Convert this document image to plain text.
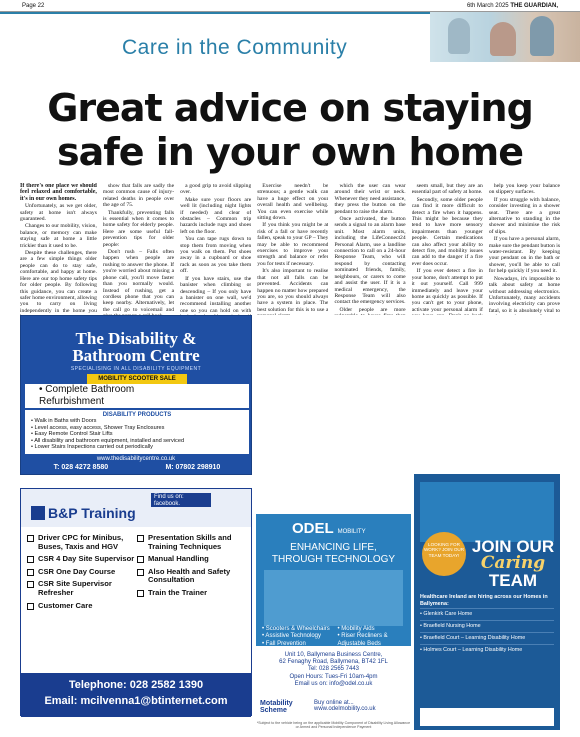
Page 22	6th March 2025 THE GUARDIAN,
Care in the Community
Great advice on staying
safe in your own home

If there's one place we should feel relaxed and comfortable, it's in our own homes.

Unfortunately, as we get older, safety at home isn't always guaranteed.

Changes to our mobility, vision, balance, or memory can make staying safe at home a little trickier than it used to be.

Despite these challenges, there are a few simple things older people can do to stay safe, comfortable, and happy at home. Here are our top home safety tips for older people. By following this guidance, you can create a safer home environment, allowing you to carry on living independently in the home you

show that falls are sadly the most common cause of injury-related deaths in people over the age of 75.

Thankfully, preventing falls is essential when it comes to home safety for elderly people. Here are some useful fall-prevention tips for older people:

Don't rush – Falls often happen when people are rushing to answer the phone. If you're worried about missing a phone call, you'll move faster than you normally would. Instead of rushing, get a cordless phone that you can keep nearby. Alternatively, let the call go to voicemail and

a good grip to avoid slipping over.

Make sure your floors are well lit (including night lights if needed) and clear of obstacles – Common trip hazards include rugs and shoes left on the floor.

You can tape rugs down to stop them from moving when you walk on them. Put shoes away in a cupboard or shoe rack as soon as you take them off.

If you have stairs, use the banister when climbing or descending – If you only have a banister on one wall, we'd recommend installing another one so you can hold on with

Exercise needn't be strenuous; a gentle walk can have a huge effect on your overall health and wellbeing. You can even exercise while sitting down.

If you think you might be at risk of a fall or have recently fallen, speak to your GP – They may be able to recommend exercises to improve your strength and balance or refer you for tests if necessary.

It's also important to realise that not all falls can be prevented. Accidents can happen no matter how prepared you are, so you should always have a system in place. The best solution for this is to use a

which the user can wear around their wrist or neck. Whenever they need assistance, they press the button on the pendant to raise the alarm.

Once activated, the button sends a signal to an alarm base unit. Most alarm units, including the LifeConnect24 Personal Alarm, use a landline connection to call on a 24-hour Response Team, who will respond by contacting nominated friends, family, neighbours, or carers to come and assist the user. If it is a medical emergency, the Response Team will also contact the emergency services.

Older people are more

seem small, but they are an essential part of safety at home.

Secondly, some older people can find it more difficult to detect a fire when it happens. This might be because they tend to have more sensory impairments than younger people. Certain medications can also affect your ability to detect fire, and mobility issues can add to the danger if a fire ever does occur.

If you ever detect a fire in your home, don't attempt to put it out yourself. Call 999 immediately and leave your home as quickly as possible. If you can't get to your phone, activate your personal alarm if

help you keep your balance on slippery surfaces.

If you struggle with balance, consider investing in a shower seat. There are a great alternative to standing in the shower and minimise the risk of slips.

If you have a personal alarm, make sure the pendant button is water-resistant. By keeping your pendant on in the bath or shower, you'll be able to call for help quickly if you need it.

Nowadays, it's impossible to talk about safety at home without addressing electronics. Unfortunately, many accidents involving electricity can prove fatal, so it is absolutely vital to

The Disability &
Bathroom Centre
SPECIALISING IN ALL DISABILITY EQUIPMENT
MOBILITY SCOOTER SALE
• Complete Bathroom
Refurbishment
DISABILITY PRODUCTS
• Walk in Baths with Doors
• Level access, easy access, Shower Tray Enclosures
• Easy Remote Control Stair Lifts
• All disability and bathroom equipment, installed and serviced
• Lower Stairs Inspections carried out periodically
www.thedisabilitycentre.co.uk
T: 028 4272 8580	M: 07802 298910
Find us on: facebook.
B&P Training
Driver CPC for Minibus, Buses, Taxis and HGV
CSR 4 Day Site Supervisor
CSR One Day Course
CSR Site Supervisor Refresher
Customer Care
Presentation Skills and Training Techniques
Manual Handling
Also Health and Safety Consultation
Train the Trainer
Telephone: 028 2582 1390
Email: mcilvenna1@btinternet.com
ODEL MOBILITY
ENHANCING LIFE,
THROUGH TECHNOLOGY
• Scooters & Wheelchairs
• Assistive Technology
• Fall Prevention
• Mobility Aids
• Riser Recliners & Adjustable Beds
Unit 10, Ballymena Business Centre,
62 Fenaghy Road, Ballymena, BT42 1FL
Tel: 028 2565 7443
Open Hours: Tues-Fri 10am-4pm
Email us on: info@odel.co.uk
Motability Scheme
Buy online at...
www.odelmobility.co.uk
*Subject to the vehicle being on the applicable Mobility Component of Disability Living Allowance or Armed and Personal Independence Payment
LOOKING FOR WORK? JOIN OUR TEAM TODAY! JOIN OUR
Caring
TEAM
Healthcare Ireland are hiring across our Homes in Ballymena:
• Glenkirk Care Home
• Braefield Nursing Home
• Braefield Court – Learning Disability Home
• Holmes Court – Learning Disability Home
